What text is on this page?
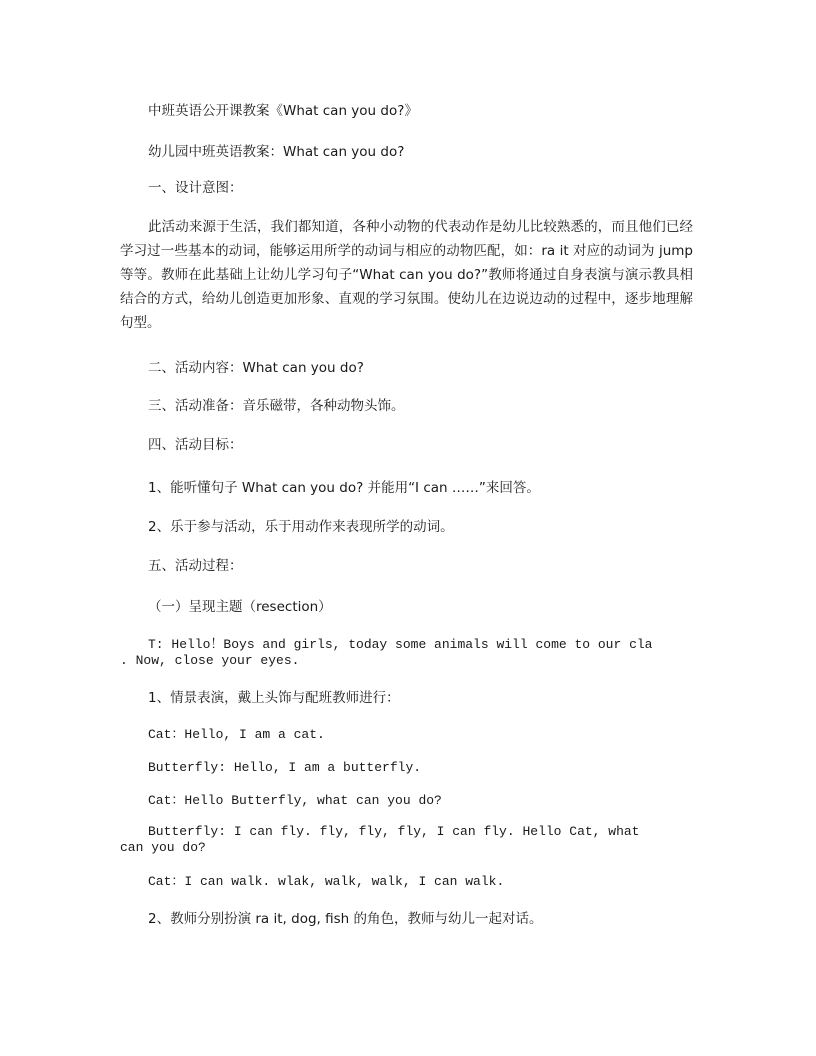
中班英语公开课教案《What can you do?》

幼儿园中班英语教案：What can you do?

一、设计意图：

此活动来源于生活，我们都知道，各种小动物的代表动作是幼儿比较熟悉的，而且他们已经学习过一些基本的动词，能够运用所学的动词与相应的动物匹配，如：ra it 对应的动词为 jump 等等。教师在此基础上让幼儿学习句子“What can you do?”教师将通过自身表演与演示教具相结合的方式，给幼儿创造更加形象、直观的学习氛围。使幼儿在边说边动的过程中，逐步地理解句型。

二、活动内容：What can you do?

三、活动准备：音乐磁带，各种动物头饰。

四、活动目标：

1、能听懂句子 What can you do? 并能用“I can ……”来回答。

2、乐于参与活动，乐于用动作来表现所学的动词。

五、活动过程：

（一）呈现主题（resection）

T: Hello！Boys and girls, today some animals will come to our cla

. Now, close your eyes.

1、情景表演，戴上头饰与配班教师进行：

Cat：Hello, I am a cat.

Butterfly: Hello, I am a butterfly.

Cat：Hello Butterfly, what can you do?

Butterfly: I can fly. fly, fly, fly, I can fly. Hello Cat, what

can you do?

Cat：I can walk. wlak, walk, walk, I can walk.

2、教师分别扮演 ra it, dog, fish 的角色，教师与幼儿一起对话。
